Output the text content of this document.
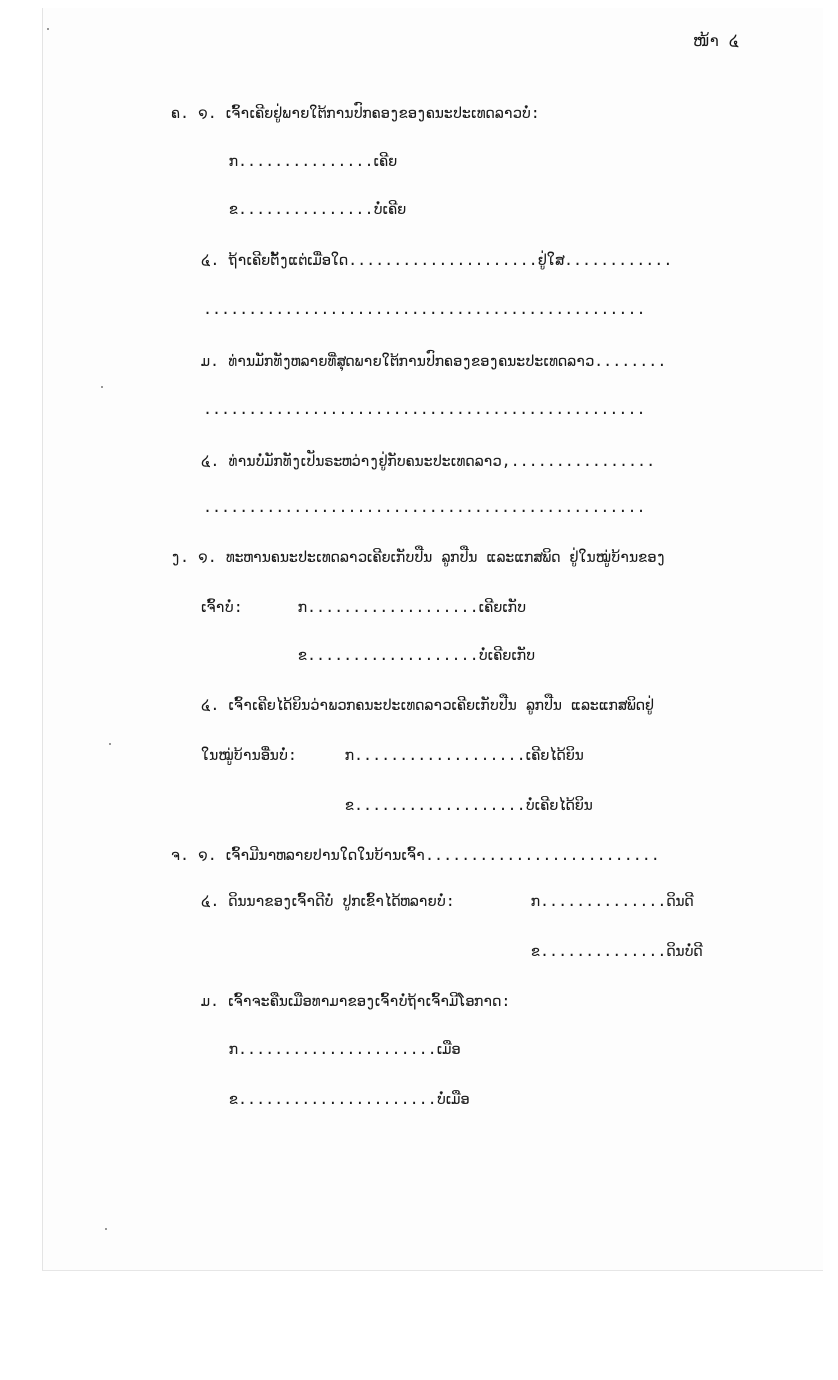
ໜ້າ ໔
ຄ. ໑. ເຈົ້າເຄີຍຢູ່ພາຍໃຕ້ການປົກຄອງຂອງຄນະປະເທດລາວບໍ່:
ກ...............ເຄີຍ
ຂ...............ບໍ່ເຄີຍ
໔. ຖ້າເຄີຍຕັ້ງແຕ່ເມື່ອໃດ.....................ຢູ່ໃສ............
.................................................
ມ. ທ່ານມັກທັງຫລາຍທີ່ສຸດພາຍໃຕ້ການປົກຄອງຂອງຄນະປະເທດລາວ........
.................................................
໔. ທ່ານບໍ່ມັກທັງເປັນຣະຫວ່າງຢູ່ກັບຄນະປະເທດລາວ,................
.................................................
ງ. ໑. ທະຫານຄນະປະເທດລາວເຄີຍເກັບປືນ ລູກປືນ ແລະແກສພິດ ຢູ່ໃນໝູ່ບ້ານຂອງ
ເຈົ້າບໍ່:	ກ...................ເຄີຍເກັບ
ຂ...................ບໍ່ເຄີຍເກັບ
໔. ເຈົ້າເຄີຍໄດ້ຍິນວ່າພວກຄນະປະເທດລາວເຄີຍເກັບປືນ ລູກປືນ ແລະແກສພິດຢູ່
ໃນໝູ່ບ້ານອື່ນບໍ່:	ກ...................ເຄີຍໄດ້ຍິນ
ຂ...................ບໍ່ເຄີຍໄດ້ຍິນ
ຈ. ໑. ເຈົ້າມີນາຫລາຍປານໃດໃນບ້ານເຈົ້າ..........................
໔. ດິນນາຂອງເຈົ້າດີບໍ່ ປູກເຂົ້າໄດ້ຫລາຍບໍ່:	ກ..............ດິນດີ
ຂ..............ດິນບໍ່ດີ
ມ. ເຈົ້າຈະຄືນເມືອທາມາຂອງເຈົ້າບໍ່ຖ້າເຈົ້າມີໂອກາດ:
ກ......................ເມືອ
ຂ......................ບໍ່ເມືອ
